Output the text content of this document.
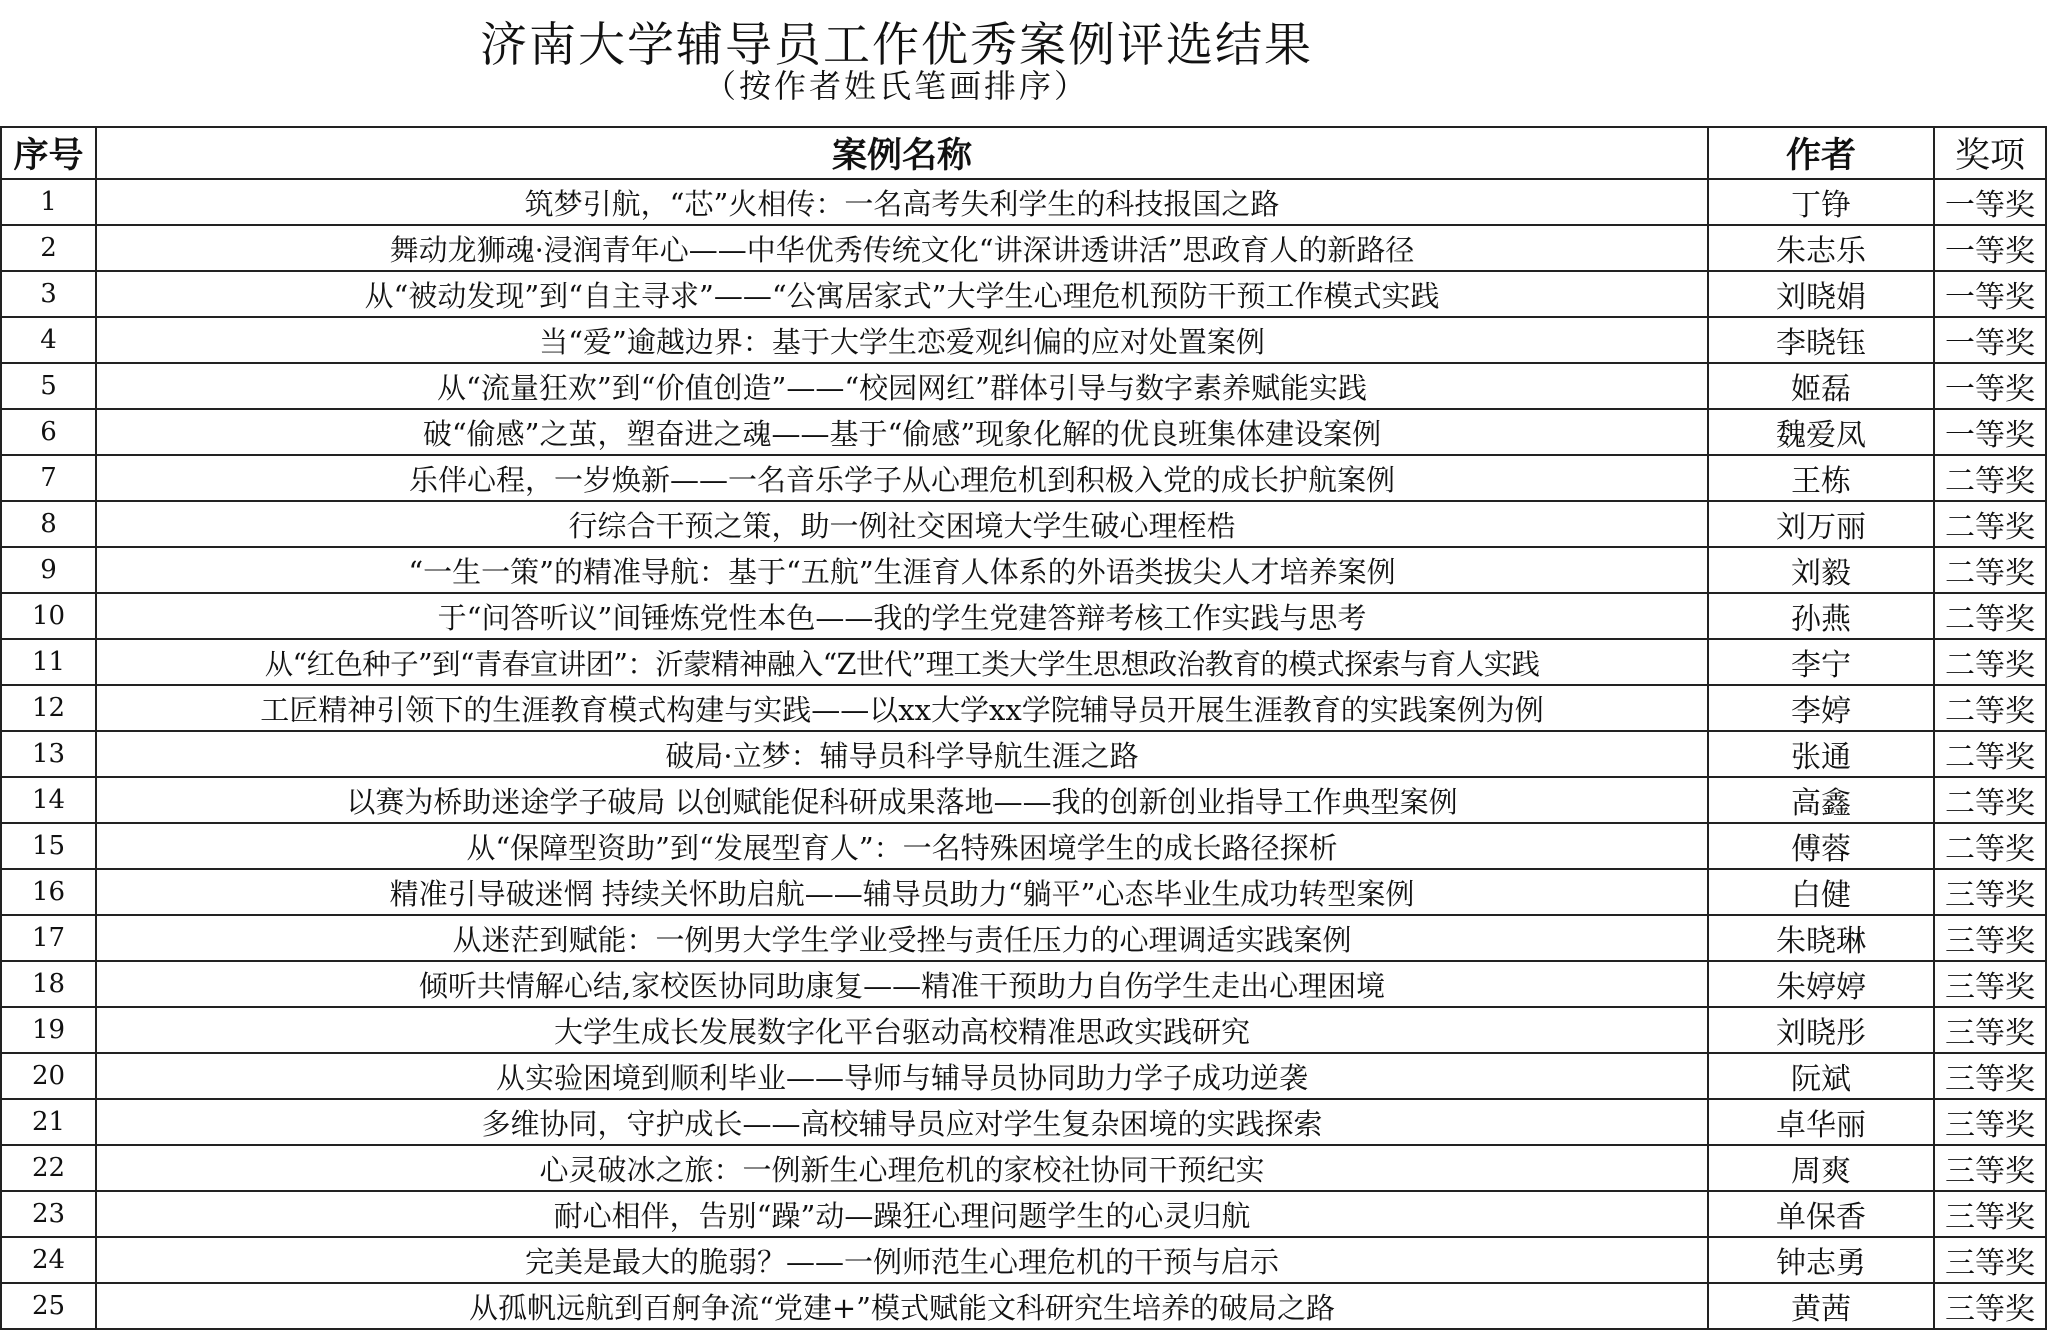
济南大学辅导员工作优秀案例评选结果
（按作者姓氏笔画排序）
序号	案例名称	作者	奖项
1	筑梦引航，“芯”火相传：一名高考失利学生的科技报国之路	丁铮	一等奖
2	舞动龙狮魂·浸润青年心——中华优秀传统文化“讲深讲透讲活”思政育人的新路径	朱志乐	一等奖
3	从“被动发现”到“自主寻求”——“公寓居家式”大学生心理危机预防干预工作模式实践	刘晓娟	一等奖
4	当“爱”逾越边界：基于大学生恋爱观纠偏的应对处置案例	李晓钰	一等奖
5	从“流量狂欢”到“价值创造”——“校园网红”群体引导与数字素养赋能实践	姬磊	一等奖
6	破“偷感”之茧，塑奋进之魂——基于“偷感”现象化解的优良班集体建设案例	魏爱凤	一等奖
7	乐伴心程，一岁焕新——一名音乐学子从心理危机到积极入党的成长护航案例	王栋	二等奖
8	行综合干预之策，助一例社交困境大学生破心理桎梏	刘万丽	二等奖
9	“一生一策”的精准导航：基于“五航”生涯育人体系的外语类拔尖人才培养案例	刘毅	二等奖
10	于“问答听议”间锤炼党性本色——我的学生党建答辩考核工作实践与思考	孙燕	二等奖
11	从“红色种子”到“青春宣讲团”：沂蒙精神融入“Z世代”理工类大学生思想政治教育的模式探索与育人实践	李宁	二等奖
12	工匠精神引领下的生涯教育模式构建与实践——以xx大学xx学院辅导员开展生涯教育的实践案例为例	李婷	二等奖
13	破局·立梦：辅导员科学导航生涯之路	张通	二等奖
14	以赛为桥助迷途学子破局 以创赋能促科研成果落地——我的创新创业指导工作典型案例	高鑫	二等奖
15	从“保障型资助”到“发展型育人”：一名特殊困境学生的成长路径探析	傅蓉	二等奖
16	精准引导破迷惘 持续关怀助启航——辅导员助力“躺平”心态毕业生成功转型案例	白健	三等奖
17	从迷茫到赋能：一例男大学生学业受挫与责任压力的心理调适实践案例	朱晓琳	三等奖
18	倾听共情解心结,家校医协同助康复——精准干预助力自伤学生走出心理困境	朱婷婷	三等奖
19	大学生成长发展数字化平台驱动高校精准思政实践研究	刘晓彤	三等奖
20	从实验困境到顺利毕业——导师与辅导员协同助力学子成功逆袭	阮斌	三等奖
21	多维协同，守护成长——高校辅导员应对学生复杂困境的实践探索	卓华丽	三等奖
22	心灵破冰之旅：一例新生心理危机的家校社协同干预纪实	周爽	三等奖
23	耐心相伴，告别“躁”动—躁狂心理问题学生的心灵归航	单保香	三等奖
24	完美是最大的脆弱？——一例师范生心理危机的干预与启示	钟志勇	三等奖
25	从孤帆远航到百舸争流“党建+”模式赋能文科研究生培养的破局之路	黄茜	三等奖
